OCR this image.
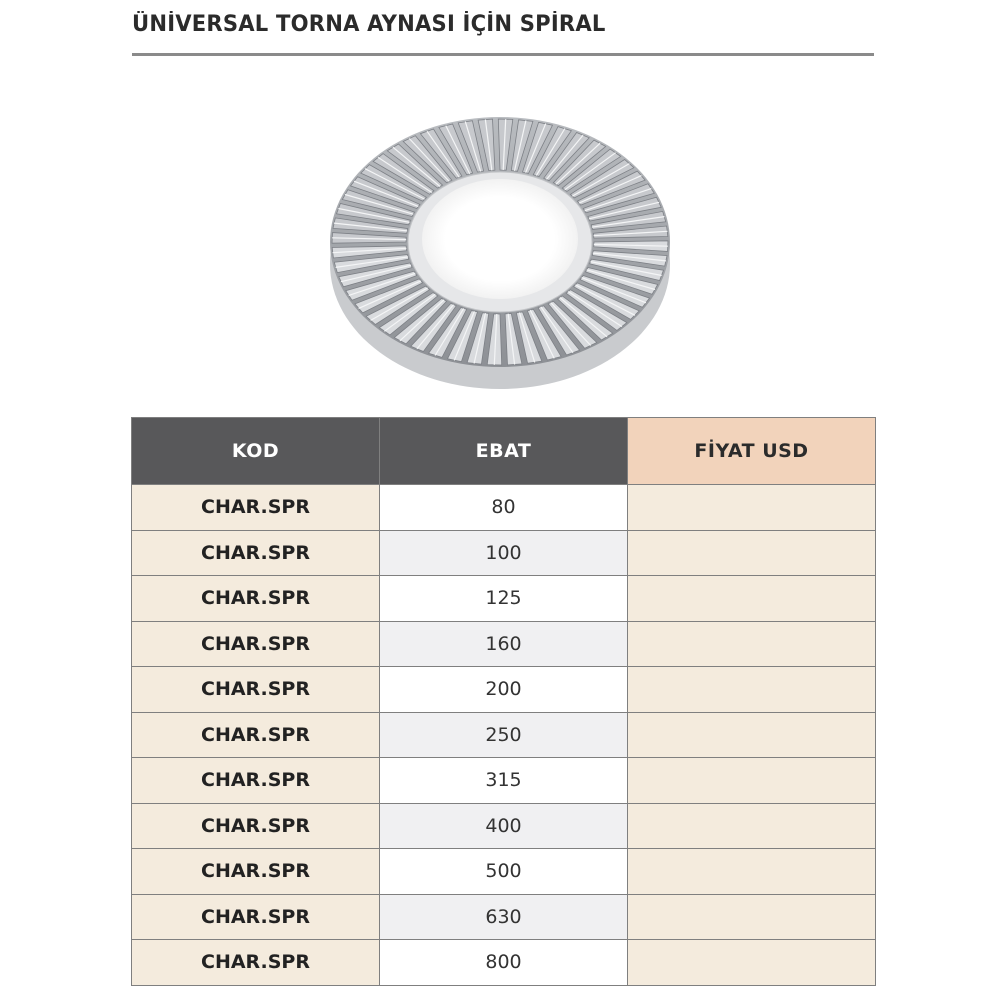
ÜNİVERSAL TORNA AYNASI İÇİN SPİRAL
KOD	EBAT	FİYAT USD
CHAR.SPR	80	
CHAR.SPR	100	
CHAR.SPR	125	
CHAR.SPR	160	
CHAR.SPR	200	
CHAR.SPR	250	
CHAR.SPR	315	
CHAR.SPR	400	
CHAR.SPR	500	
CHAR.SPR	630	
CHAR.SPR	800	
